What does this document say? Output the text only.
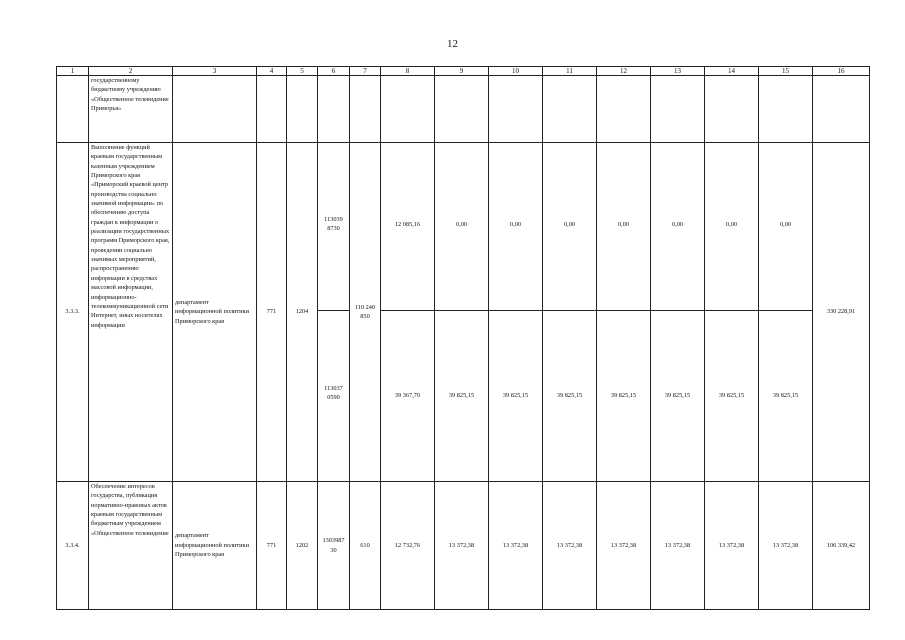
12
1	2	3	4	5	6	7	8	9	10	11	12	13	14	15	16
	государственному бюджетному учреждению «Общественное телевидение Приморья»														
3.3.3.	Выполнение функций краевым государственным казенным учреждением Приморского края «Приморский краевой центр производства социально значимой информации» по обеспечению доступа граждан к информации о реализации государственных программ Приморского края, проведении социально значимых мероприятий, распространению информации в средствах массовой информации, информационно-телекоммуникационной сети Интернет, иных носителях информации	департамент информационной политики Приморского края	771	1204	113039 8730	110 240 850	12 085,16	0,00	0,00	0,00	0,00	0,00	0,00	0,00	330 228,91
					113037 0590		39 367,70	39 825,15	39 825,15	39 825,15	39 825,15	39 825,15	39 825,15	39 825,15	
3.3.4.	Обеспечение интересов государства, публикация нормативно-правовых актов краевым государственным бюджетным учреждением «Общественное телевидение	департамент информационной политики Приморского края	771	1202	1303987 30	610	12 732,76	13 372,38	13 372,38	13 372,38	13 372,38	13 372,38	13 372,38	13 372,38	106 339,42
